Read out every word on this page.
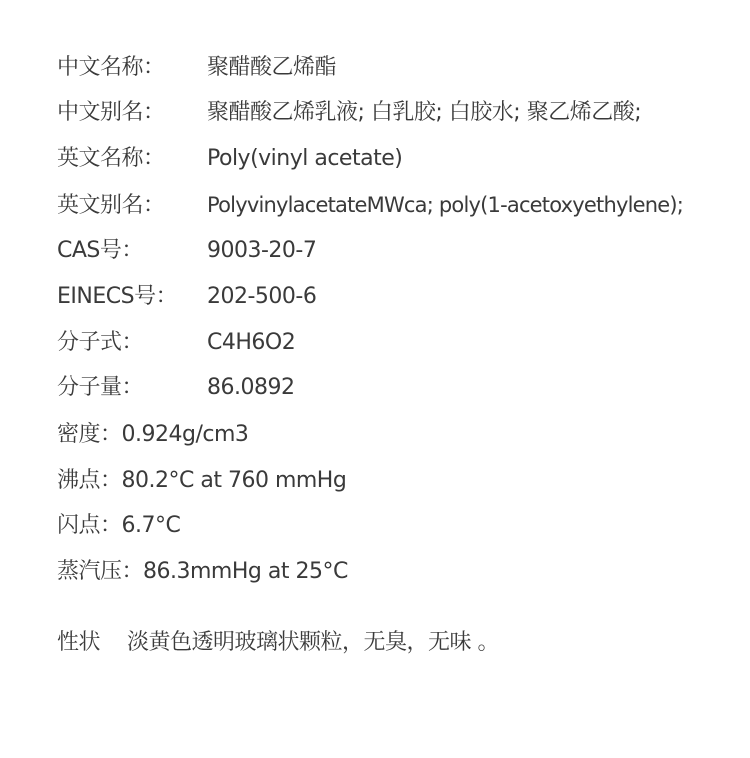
中文名称： 聚醋酸乙烯酯
中文别名： 聚醋酸乙烯乳液; 白乳胶; 白胶水; 聚乙烯乙酸;
英文名称： Poly(vinyl acetate)
英文别名： PolyvinylacetateMWca; poly(1-acetoxyethylene);
CAS号：	9003-20-7
EINECS号： 202-500-6
分子式：	C4H6O2
分子量：	86.0892
密度：0.924g/cm3
沸点：80.2°C at 760 mmHg
闪点：6.7°C
蒸汽压：86.3mmHg at 25°C
性状 淡黄色透明玻璃状颗粒，无臭，无味 。
